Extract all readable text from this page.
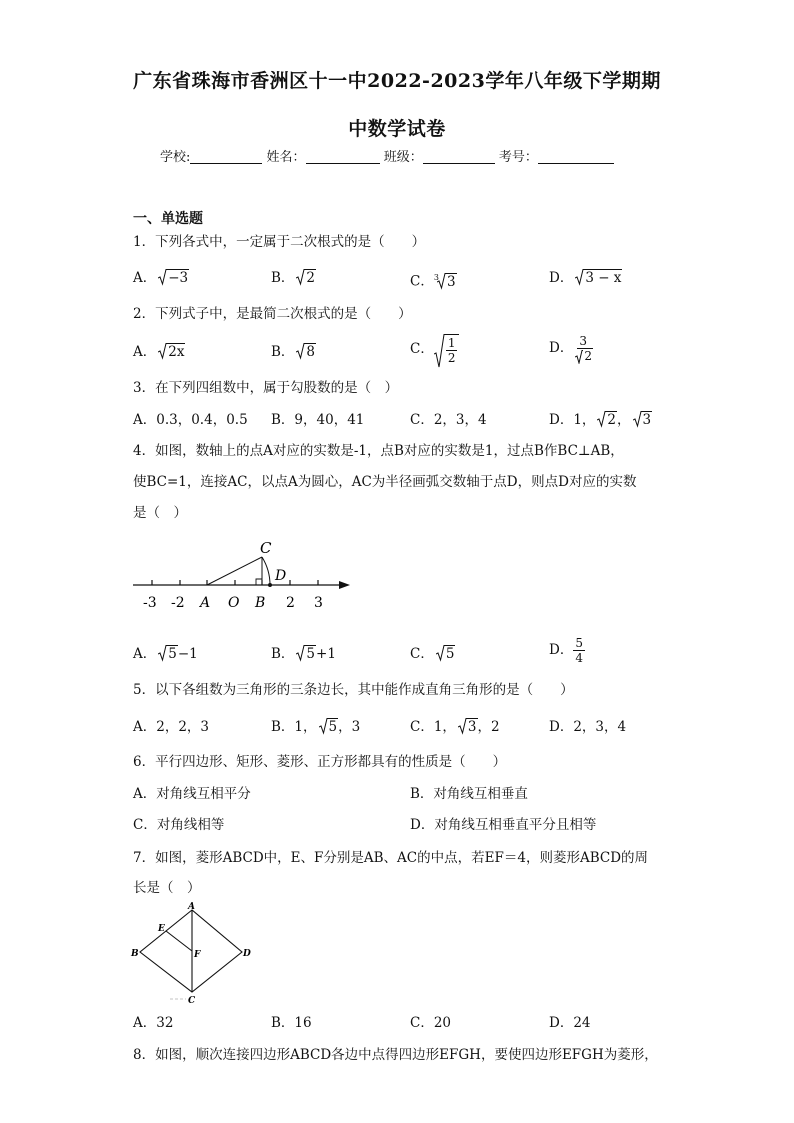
广东省珠海市香洲区十一中2022-2023学年八年级下学期期
中数学试卷
学校:	姓名：	班级：	考号：
一、单选题
1．下列各式中，一定属于二次根式的是（　　）
A． −3	B． 2	C．$^3$ 3	D． 3 − x
2．下列式子中，是最简二次根式的是（　　）
A． 2x	B． 8	C． $\frac{1}{2}$	D． $\frac{3}{2}$
3．在下列四组数中，属于勾股数的是（　）
A．0.3，0.4，0.5 B．9，40，41	C．2，3，4	D．1， 2， 3
4．如图，数轴上的点A对应的实数是-1，点B对应的实数是1，过点B作BC⊥AB，
使BC=1，连接AC，以点A为圆心，AC为半径画弧交数轴于点D，则点D对应的实数
是（　）
C
D
-3 -2 A O B 2 3
A． 5−1	B． 5+1	C． 5	D． $\frac{5}{4}$
5．以下各组数为三角形的三条边长，其中能作成直角三角形的是（　　）
A．2，2，3	B．1， 5，3	C．1， 3，2	D．2，3，4
6．平行四边形、矩形、菱形、正方形都具有的性质是（　　）
A．对角线互相平分	B．对角线互相垂直
C．对角线相等	D．对角线互相垂直平分且相等
7．如图，菱形ABCD中，E、F分别是AB、AC的中点，若EF＝4，则菱形ABCD的周
长是（　）
A
B
C
D
E
F
A．32	B．16	C．20	D．24
8．如图，顺次连接四边形ABCD各边中点得四边形EFGH，要使四边形EFGH为菱形，
